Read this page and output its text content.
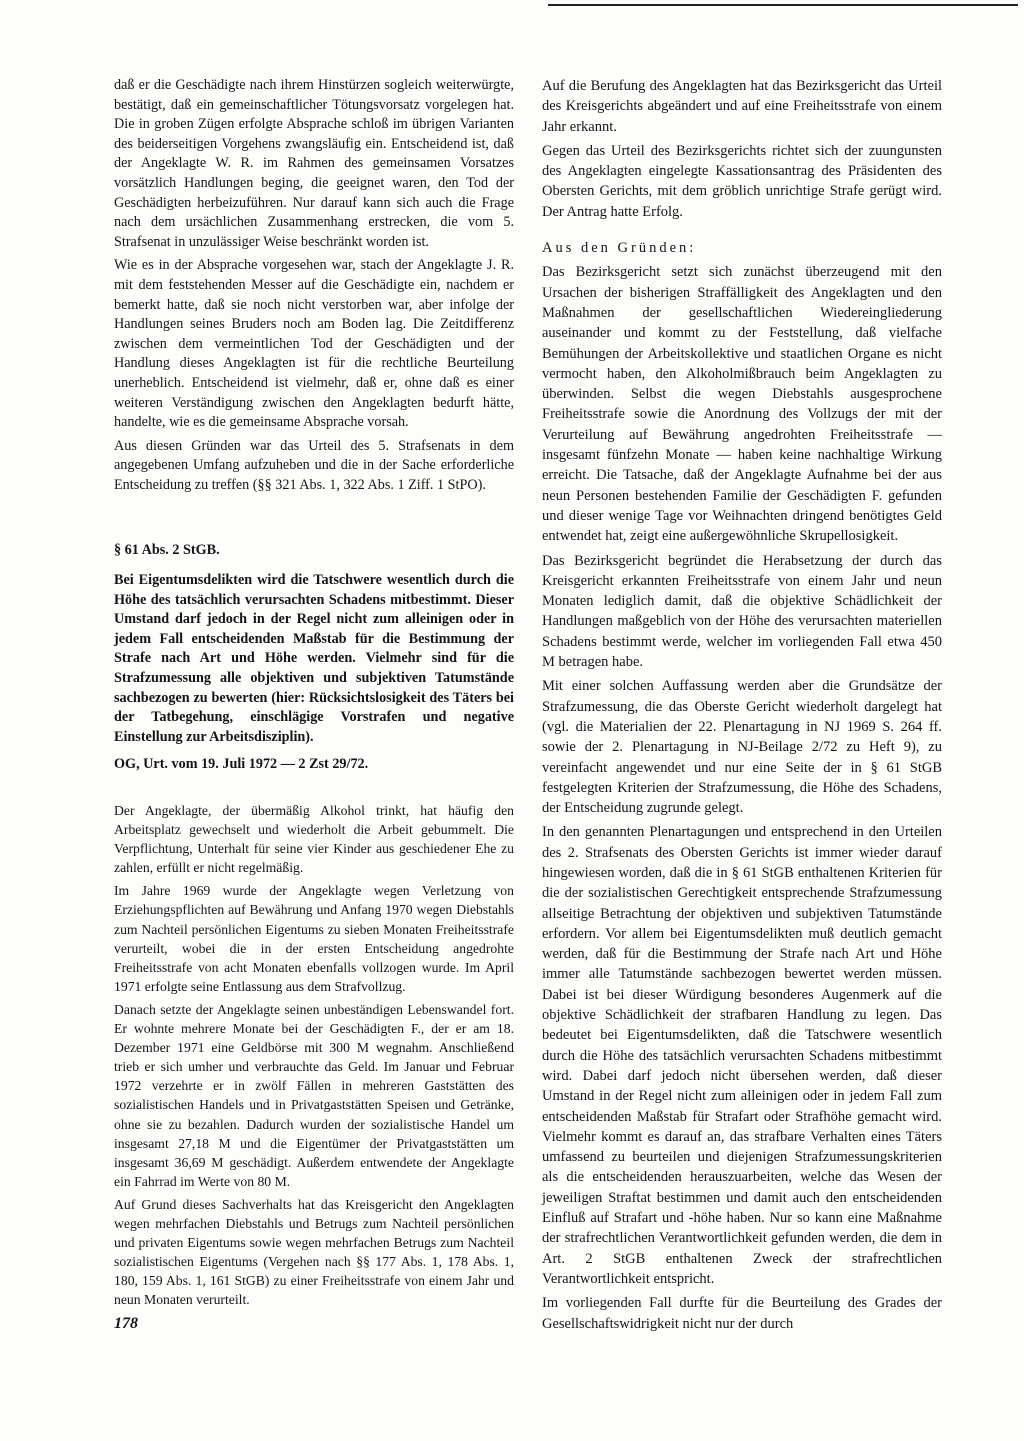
daß er die Geschädigte nach ihrem Hinstürzen sogleich weiterwürgte, bestätigt, daß ein gemeinschaftlicher Tötungsvorsatz vorgelegen hat. Die in groben Zügen erfolgte Absprache schloß im übrigen Varianten des beiderseitigen Vorgehens zwangsläufig ein. Entscheidend ist, daß der Angeklagte W. R. im Rahmen des gemeinsamen Vorsatzes vorsätzlich Handlungen beging, die geeignet waren, den Tod der Geschädigten herbeizuführen. Nur darauf kann sich auch die Frage nach dem ursächlichen Zusammenhang erstrecken, die vom 5. Strafsenat in unzulässiger Weise beschränkt worden ist.

Wie es in der Absprache vorgesehen war, stach der Angeklagte J. R. mit dem feststehenden Messer auf die Geschädigte ein, nachdem er bemerkt hatte, daß sie noch nicht verstorben war, aber infolge der Handlungen seines Bruders noch am Boden lag. Die Zeitdifferenz zwischen dem vermeintlichen Tod der Geschädigten und der Handlung dieses Angeklagten ist für die rechtliche Beurteilung unerheblich. Entscheidend ist vielmehr, daß er, ohne daß es einer weiteren Verständigung zwischen den Angeklagten bedurft hätte, handelte, wie es die gemeinsame Absprache vorsah.

Aus diesen Gründen war das Urteil des 5. Strafsenats in dem angegebenen Umfang aufzuheben und die in der Sache erforderliche Entscheidung zu treffen (§§ 321 Abs. 1, 322 Abs. 1 Ziff. 1 StPO).

§ 61 Abs. 2 StGB.

Bei Eigentumsdelikten wird die Tatschwere wesentlich durch die Höhe des tatsächlich verursachten Schadens mitbestimmt. Dieser Umstand darf jedoch in der Regel nicht zum alleinigen oder in jedem Fall entscheidenden Maßstab für die Bestimmung der Strafe nach Art und Höhe werden. Vielmehr sind für die Strafzumessung alle objektiven und subjektiven Tatumstände sachbezogen zu bewerten (hier: Rücksichtslosigkeit des Täters bei der Tatbegehung, einschlägige Vorstrafen und negative Einstellung zur Arbeitsdisziplin).

OG, Urt. vom 19. Juli 1972 — 2 Zst 29/72.

Der Angeklagte, der übermäßig Alkohol trinkt, hat häufig den Arbeitsplatz gewechselt und wiederholt die Arbeit gebummelt. Die Verpflichtung, Unterhalt für seine vier Kinder aus geschiedener Ehe zu zahlen, erfüllt er nicht regelmäßig.

Im Jahre 1969 wurde der Angeklagte wegen Verletzung von Erziehungspflichten auf Bewährung und Anfang 1970 wegen Diebstahls zum Nachteil persönlichen Eigentums zu sieben Monaten Freiheitsstrafe verurteilt, wobei die in der ersten Entscheidung angedrohte Freiheitsstrafe von acht Monaten ebenfalls vollzogen wurde. Im April 1971 erfolgte seine Entlassung aus dem Strafvollzug.

Danach setzte der Angeklagte seinen unbeständigen Lebenswandel fort. Er wohnte mehrere Monate bei der Geschädigten F., der er am 18. Dezember 1971 eine Geldbörse mit 300 M wegnahm. Anschließend trieb er sich umher und verbrauchte das Geld. Im Januar und Februar 1972 verzehrte er in zwölf Fällen in mehreren Gaststätten des sozialistischen Handels und in Privatgaststätten Speisen und Getränke, ohne sie zu bezahlen. Dadurch wurden der sozialistische Handel um insgesamt 27,18 M und die Eigentümer der Privatgaststätten um insgesamt 36,69 M geschädigt. Außerdem entwendete der Angeklagte ein Fahrrad im Werte von 80 M.

Auf Grund dieses Sachverhalts hat das Kreisgericht den Angeklagten wegen mehrfachen Diebstahls und Betrugs zum Nachteil persönlichen und privaten Eigentums sowie wegen mehrfachen Betrugs zum Nachteil sozialistischen Eigentums (Vergehen nach §§ 177 Abs. 1, 178 Abs. 1, 180, 159 Abs. 1, 161 StGB) zu einer Freiheitsstrafe von einem Jahr und neun Monaten verurteilt.

Auf die Berufung des Angeklagten hat das Bezirksgericht das Urteil des Kreisgerichts abgeändert und auf eine Freiheitsstrafe von einem Jahr erkannt.

Gegen das Urteil des Bezirksgerichts richtet sich der zuungunsten des Angeklagten eingelegte Kassationsantrag des Präsidenten des Obersten Gerichts, mit dem gröblich unrichtige Strafe gerügt wird. Der Antrag hatte Erfolg.

Aus den Gründen:

Das Bezirksgericht setzt sich zunächst überzeugend mit den Ursachen der bisherigen Straffälligkeit des Angeklagten und den Maßnahmen der gesellschaftlichen Wiedereingliederung auseinander und kommt zu der Feststellung, daß vielfache Bemühungen der Arbeitskollektive und staatlichen Organe es nicht vermocht haben, den Alkoholmißbrauch beim Angeklagten zu überwinden. Selbst die wegen Diebstahls ausgesprochene Freiheitsstrafe sowie die Anordnung des Vollzugs der mit der Verurteilung auf Bewährung angedrohten Freiheitsstrafe — insgesamt fünfzehn Monate — haben keine nachhaltige Wirkung erreicht. Die Tatsache, daß der Angeklagte Aufnahme bei der aus neun Personen bestehenden Familie der Geschädigten F. gefunden und dieser wenige Tage vor Weihnachten dringend benötigtes Geld entwendet hat, zeigt eine außergewöhnliche Skrupellosigkeit.

Das Bezirksgericht begründet die Herabsetzung der durch das Kreisgericht erkannten Freiheitsstrafe von einem Jahr und neun Monaten lediglich damit, daß die objektive Schädlichkeit der Handlungen maßgeblich von der Höhe des verursachten materiellen Schadens bestimmt werde, welcher im vorliegenden Fall etwa 450 M betragen habe.

Mit einer solchen Auffassung werden aber die Grundsätze der Strafzumessung, die das Oberste Gericht wiederholt dargelegt hat (vgl. die Materialien der 22. Plenartagung in NJ 1969 S. 264 ff. sowie der 2. Plenartagung in NJ-Beilage 2/72 zu Heft 9), zu vereinfacht angewendet und nur eine Seite der in § 61 StGB festgelegten Kriterien der Strafzumessung, die Höhe des Schadens, der Entscheidung zugrunde gelegt.

In den genannten Plenartagungen und entsprechend in den Urteilen des 2. Strafsenats des Obersten Gerichts ist immer wieder darauf hingewiesen worden, daß die in § 61 StGB enthaltenen Kriterien für die der sozialistischen Gerechtigkeit entsprechende Strafzumessung allseitige Betrachtung der objektiven und subjektiven Tatumstände erfordern. Vor allem bei Eigentumsdelikten muß deutlich gemacht werden, daß für die Bestimmung der Strafe nach Art und Höhe immer alle Tatumstände sachbezogen bewertet werden müssen. Dabei ist bei dieser Würdigung besonderes Augenmerk auf die objektive Schädlichkeit der strafbaren Handlung zu legen. Das bedeutet bei Eigentumsdelikten, daß die Tatschwere wesentlich durch die Höhe des tatsächlich verursachten Schadens mitbestimmt wird. Dabei darf jedoch nicht übersehen werden, daß dieser Umstand in der Regel nicht zum alleinigen oder in jedem Fall zum entscheidenden Maßstab für Strafart oder Strafhöhe gemacht wird. Vielmehr kommt es darauf an, das strafbare Verhalten eines Täters umfassend zu beurteilen und diejenigen Strafzumessungskriterien als die entscheidenden herauszuarbeiten, welche das Wesen der jeweiligen Straftat bestimmen und damit auch den entscheidenden Einfluß auf Strafart und -höhe haben. Nur so kann eine Maßnahme der strafrechtlichen Verantwortlichkeit gefunden werden, die dem in Art. 2 StGB enthaltenen Zweck der strafrechtlichen Verantwortlichkeit entspricht.

Im vorliegenden Fall durfte für die Beurteilung des Grades der Gesellschaftswidrigkeit nicht nur der durch

178
